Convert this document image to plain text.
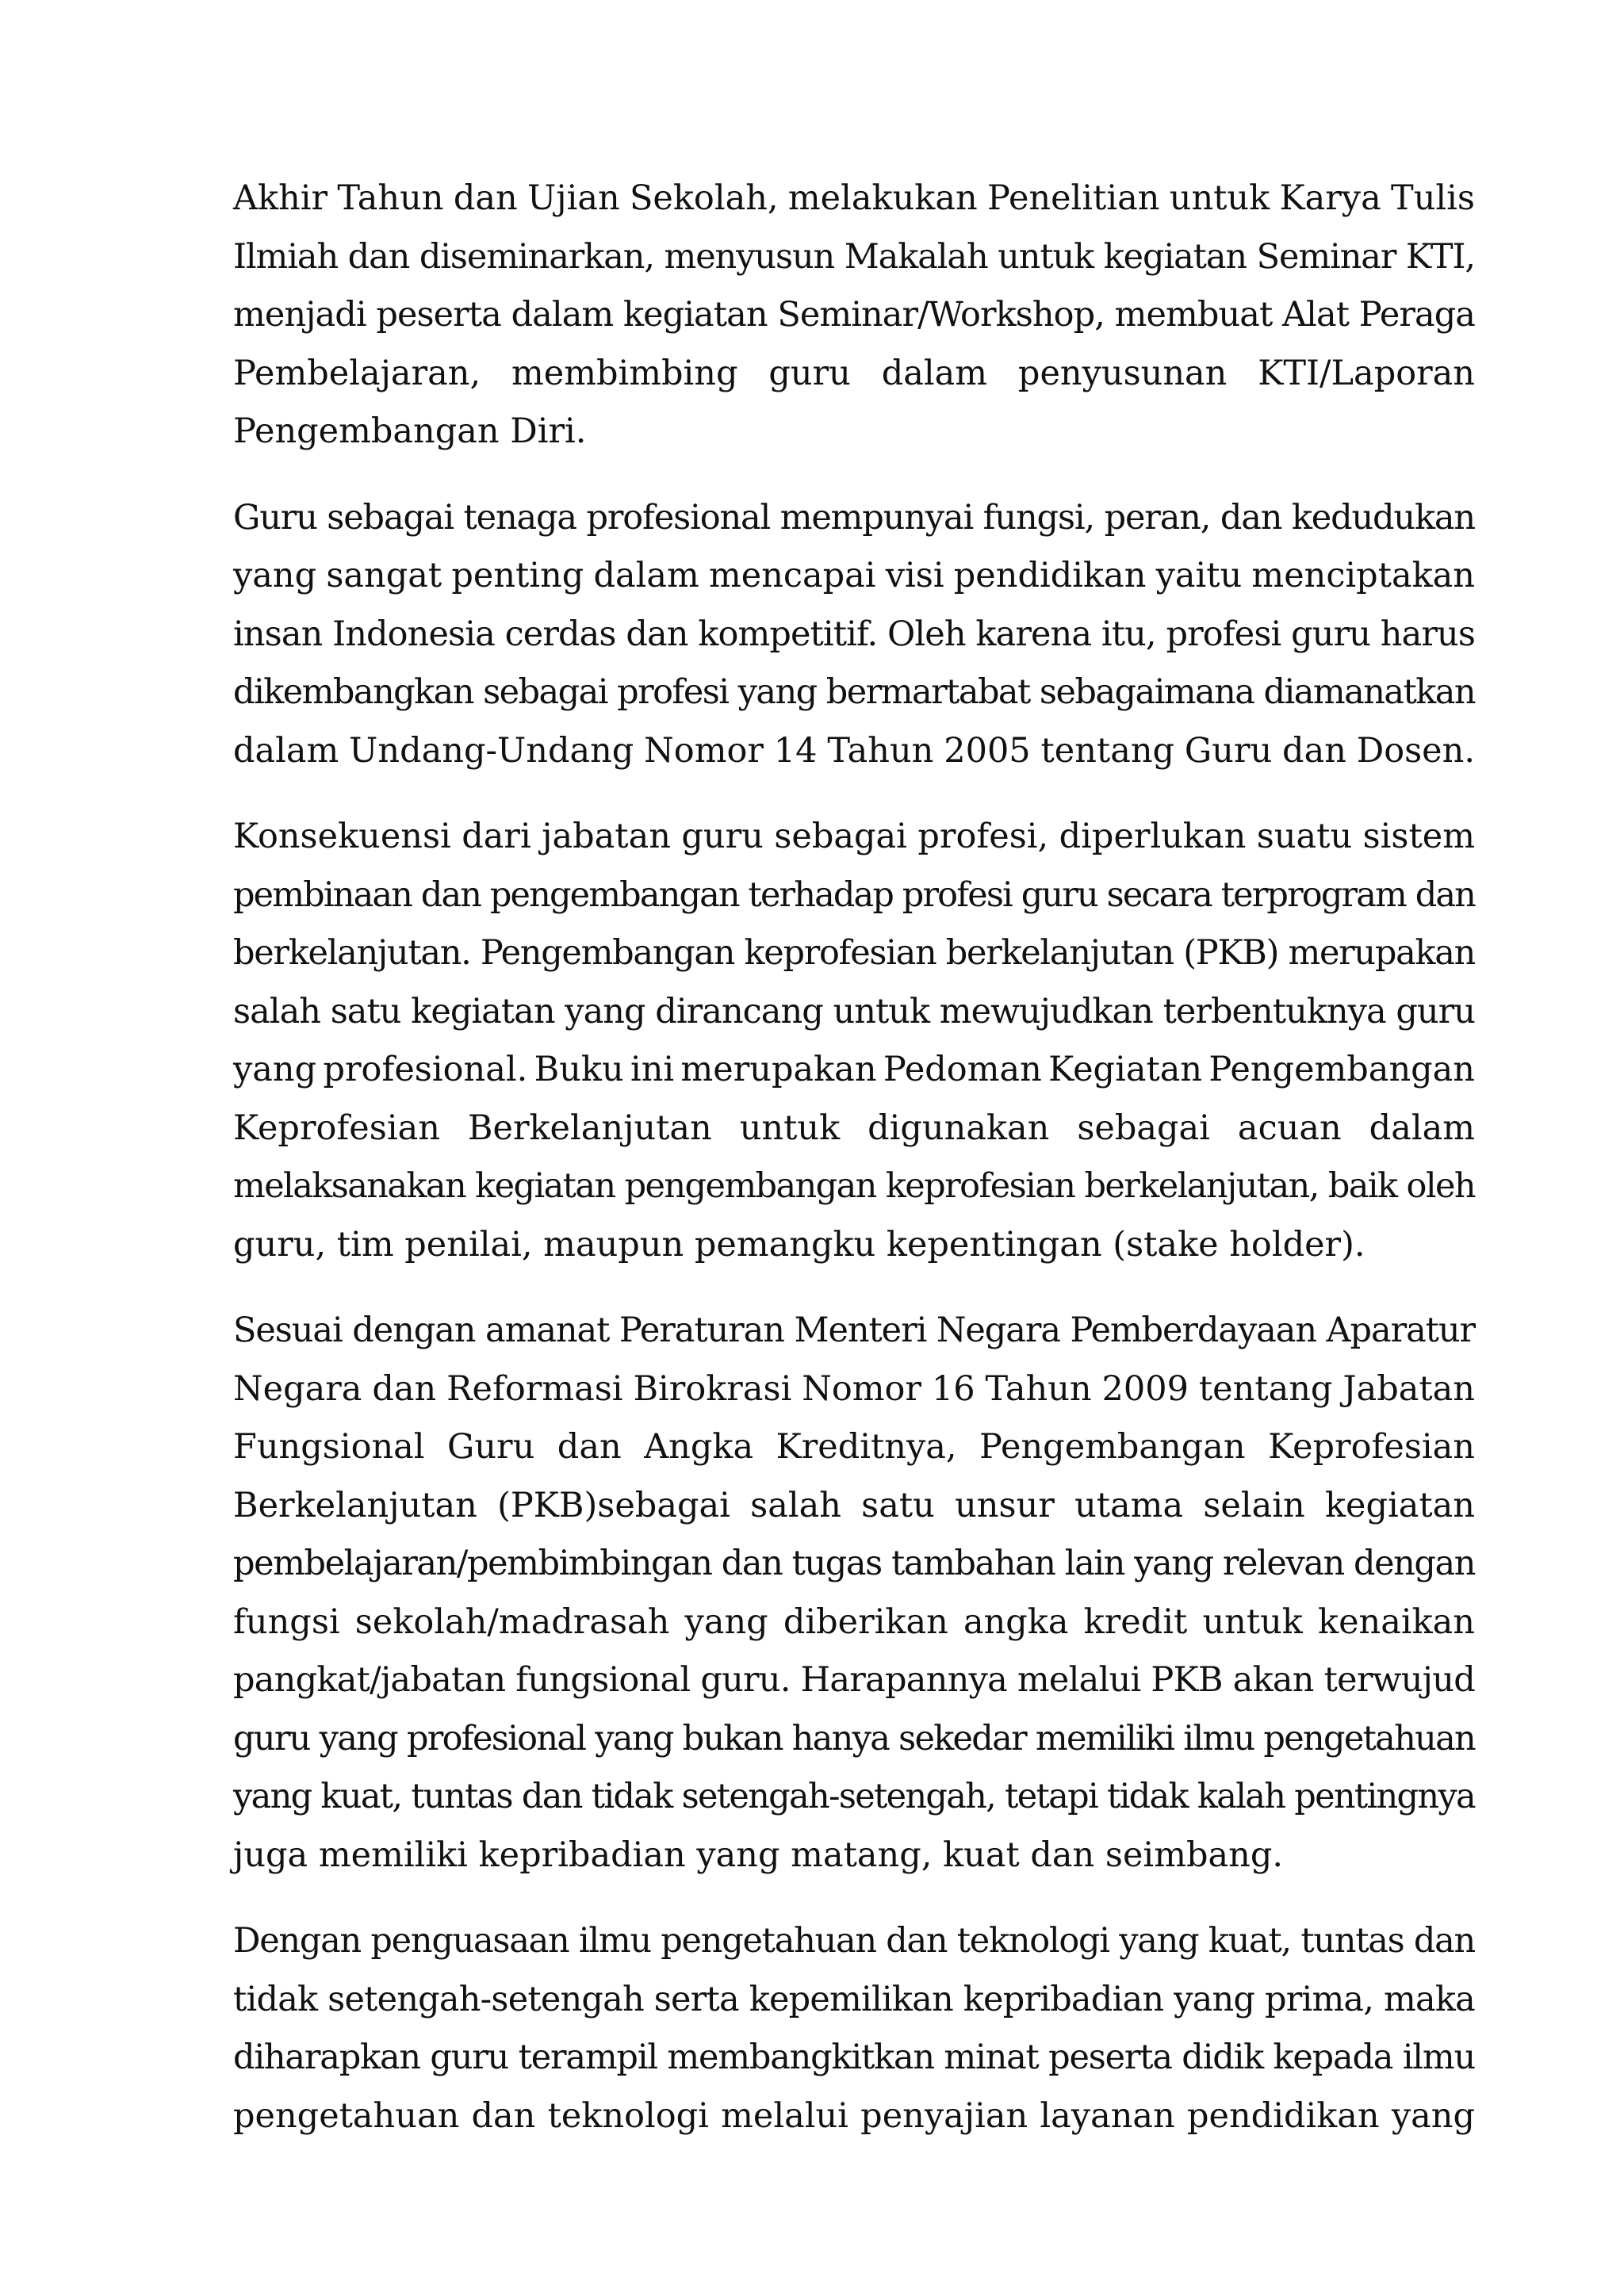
Akhir Tahun dan Ujian Sekolah, melakukan Penelitian untuk Karya Tulis
Ilmiah dan diseminarkan, menyusun Makalah untuk kegiatan Seminar KTI,
menjadi peserta dalam kegiatan Seminar/Workshop, membuat Alat Peraga
Pembelajaran, membimbing guru dalam penyusunan KTI/Laporan
Pengembangan Diri.

Guru sebagai tenaga profesional mempunyai fungsi, peran, dan kedudukan
yang sangat penting dalam mencapai visi pendidikan yaitu menciptakan
insan Indonesia cerdas dan kompetitif. Oleh karena itu, profesi guru harus
dikembangkan sebagai profesi yang bermartabat sebagaimana diamanatkan
dalam Undang-Undang Nomor 14 Tahun 2005 tentang Guru dan Dosen.

Konsekuensi dari jabatan guru sebagai profesi, diperlukan suatu sistem
pembinaan dan pengembangan terhadap profesi guru secara terprogram dan
berkelanjutan. Pengembangan keprofesian berkelanjutan (PKB) merupakan
salah satu kegiatan yang dirancang untuk mewujudkan terbentuknya guru
yang profesional. Buku ini merupakan Pedoman Kegiatan Pengembangan
Keprofesian Berkelanjutan untuk digunakan sebagai acuan dalam
melaksanakan kegiatan pengembangan keprofesian berkelanjutan, baik oleh
guru, tim penilai, maupun pemangku kepentingan (stake holder).

Sesuai dengan amanat Peraturan Menteri Negara Pemberdayaan Aparatur
Negara dan Reformasi Birokrasi Nomor 16 Tahun 2009 tentang Jabatan
Fungsional Guru dan Angka Kreditnya, Pengembangan Keprofesian
Berkelanjutan (PKB)sebagai salah satu unsur utama selain kegiatan
pembelajaran/pembimbingan dan tugas tambahan lain yang relevan dengan
fungsi sekolah/madrasah yang diberikan angka kredit untuk kenaikan
pangkat/jabatan fungsional guru. Harapannya melalui PKB akan terwujud
guru yang profesional yang bukan hanya sekedar memiliki ilmu pengetahuan
yang kuat, tuntas dan tidak setengah-setengah, tetapi tidak kalah pentingnya
juga memiliki kepribadian yang matang, kuat dan seimbang.

Dengan penguasaan ilmu pengetahuan dan teknologi yang kuat, tuntas dan
tidak setengah-setengah serta kepemilikan kepribadian yang prima, maka
diharapkan guru terampil membangkitkan minat peserta didik kepada ilmu
pengetahuan dan teknologi melalui penyajian layanan pendidikan yang
